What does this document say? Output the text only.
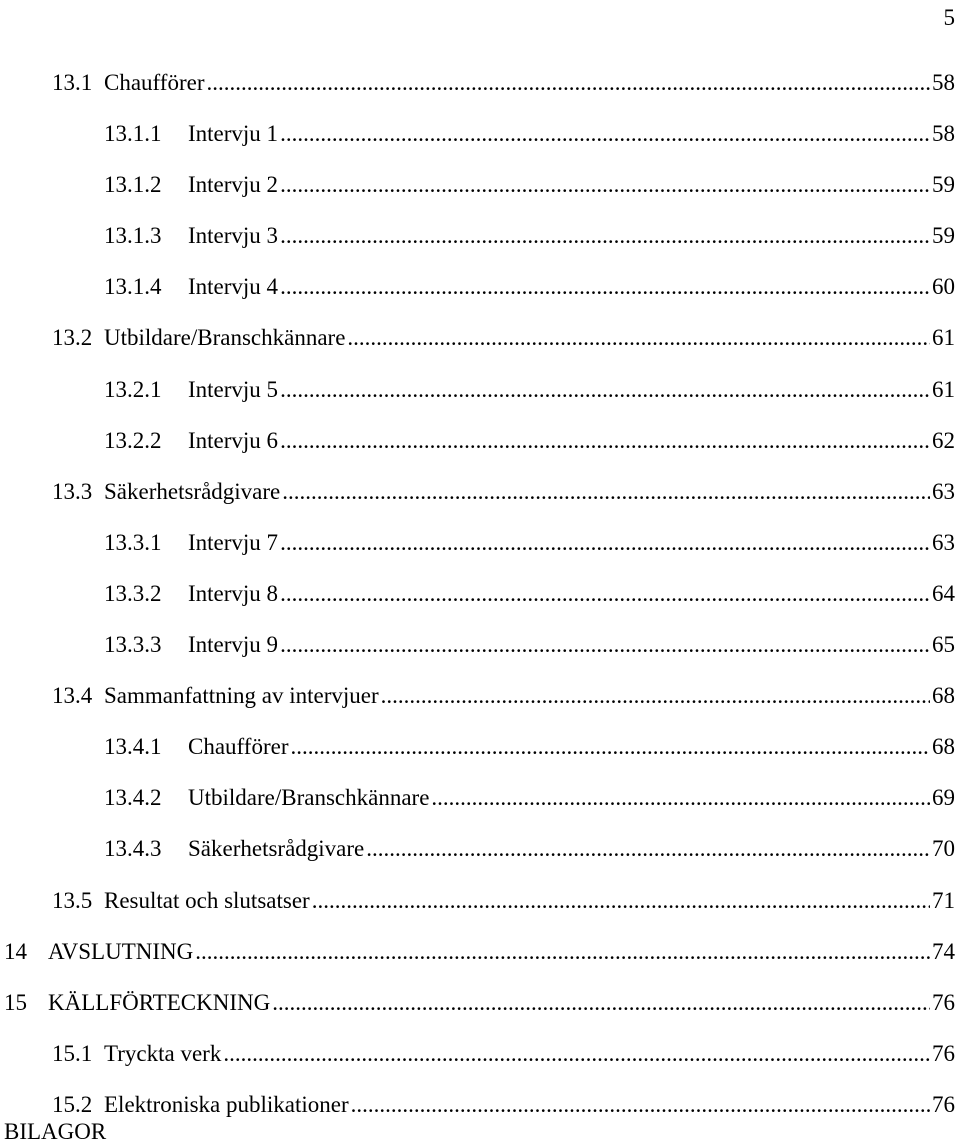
5
13.1 Chaufförer .....	58
13.1.1	Intervju 1 .....	58
13.1.2	Intervju 2 .....	59
13.1.3	Intervju 3 .....	59
13.1.4	Intervju 4 .....	60
13.2 Utbildare/Branschkännare .....	61
13.2.1	Intervju 5 .....	61
13.2.2	Intervju 6 .....	62
13.3 Säkerhetsrådgivare .....	63
13.3.1	Intervju 7 .....	63
13.3.2	Intervju 8 .....	64
13.3.3	Intervju 9 .....	65
13.4 Sammanfattning av intervjuer .....	68
13.4.1	Chaufförer .....	68
13.4.2	Utbildare/Branschkännare .....	69
13.4.3	Säkerhetsrådgivare .....	70
13.5 Resultat och slutsatser .....	71
14 AVSLUTNING .....	74
15 KÄLLFÖRTECKNING .....	76
15.1 Tryckta verk .....	76
15.2 Elektroniska publikationer .....	76
BILAGOR
